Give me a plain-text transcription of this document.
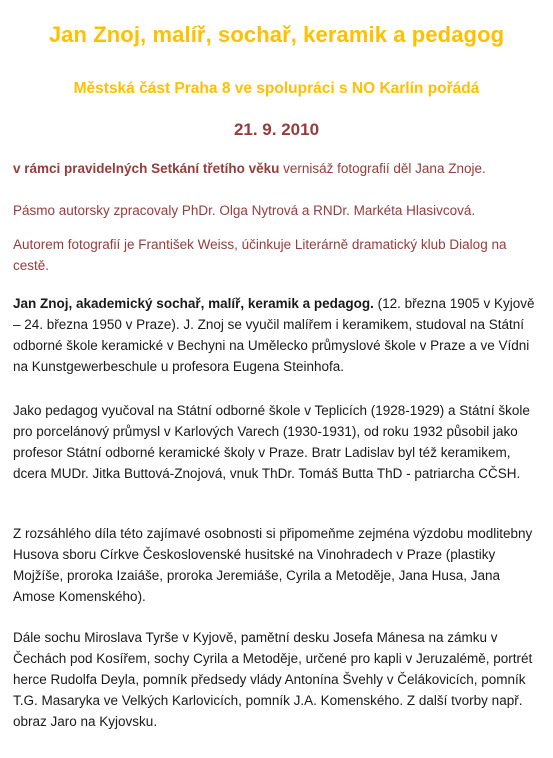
Jan Znoj, malíř, sochař, keramik a pedagog
Městská část Praha 8 ve spolupráci s NO Karlín pořádá
21. 9. 2010

v rámci pravidelných Setkání třetího věku vernisáž fotografií děl Jana Znoje.

Pásmo autorsky zpracovaly PhDr. Olga Nytrová a RNDr. Markéta Hlasivcová.

Autorem fotografií je František Weiss, účinkuje Literárně dramatický klub Dialog na cestě.

Jan Znoj, akademický sochař, malíř, keramik a pedagog. (12. března 1905 v Kyjově – 24. března 1950 v Praze). J. Znoj se vyučil malířem i keramikem, studoval na Státní odborné škole keramické v Bechyni na Umělecko průmyslové škole v Praze a ve Vídni na Kunstgewerbeschule u profesora Eugena Steinhofa.

Jako pedagog vyučoval na Státní odborné škole v Teplicích (1928-1929) a Státní škole pro porcelánový průmysl v Karlových Varech (1930-1931), od roku 1932 působil jako profesor Státní odborné keramické školy v Praze. Bratr Ladislav byl též keramikem, dcera MUDr. Jitka Buttová-Znojová, vnuk ThDr. Tomáš Butta ThD - patriarcha CČSH.

Z rozsáhlého díla této zajímavé osobnosti si připomeňme zejména výzdobu modlitebny Husova sboru Církve Československé husitské na Vinohradech v Praze (plastiky Mojžíše, proroka Izaiáše, proroka Jeremiáše, Cyrila a Metoděje, Jana Husa, Jana Amose Komenského).

Dále sochu Miroslava Tyrše v Kyjově, pamětní desku Josefa Mánesa na zámku v Čechách pod Kosířem, sochy Cyrila a Metoděje, určené pro kapli v Jeruzalémě, portrét herce Rudolfa Deyla, pomník předsedy vlády Antonína Švehly v Čelákovicích, pomník T.G. Masaryka ve Velkých Karlovicích, pomník J.A. Komenského. Z další tvorby např. obraz Jaro na Kyjovsku.
